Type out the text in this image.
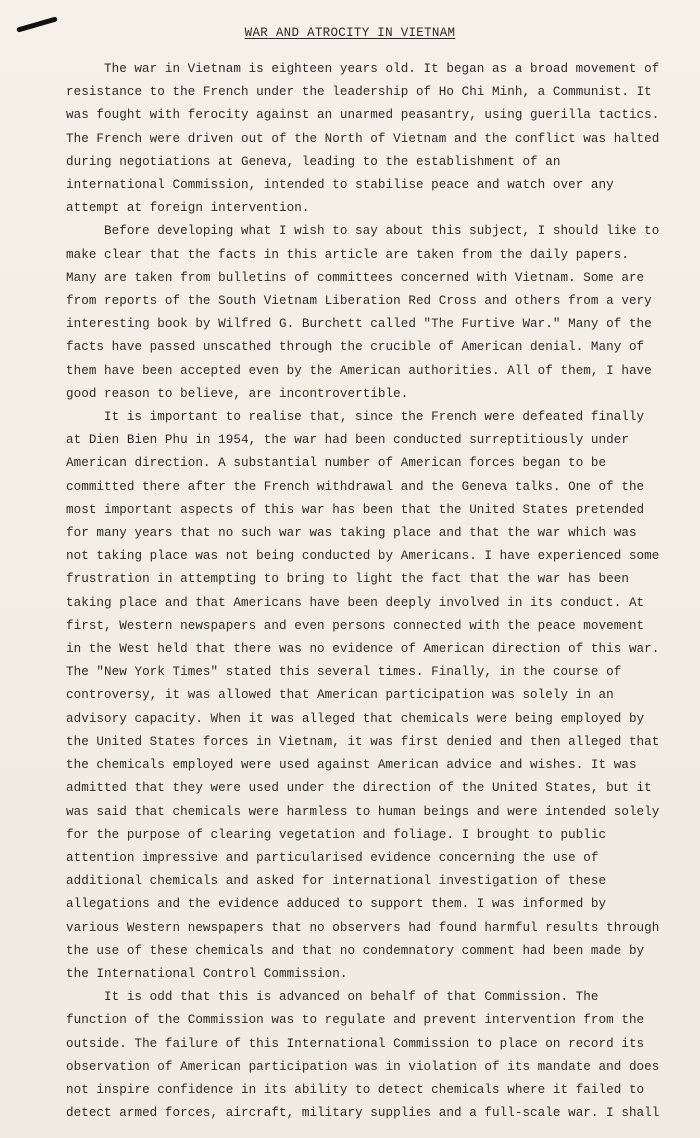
WAR AND ATROCITY IN VIETNAM

The war in Vietnam is eighteen years old. It began as a broad movement of resistance to the French under the leadership of Ho Chi Minh, a Communist. It was fought with ferocity against an unarmed peasantry, using guerilla tactics. The French were driven out of the North of Vietnam and the conflict was halted during negotiations at Geneva, leading to the establishment of an international Commission, intended to stabilise peace and watch over any attempt at foreign intervention.

Before developing what I wish to say about this subject, I should like to make clear that the facts in this article are taken from the daily papers. Many are taken from bulletins of committees concerned with Vietnam. Some are from reports of the South Vietnam Liberation Red Cross and others from a very interesting book by Wilfred G. Burchett called "The Furtive War." Many of the facts have passed unscathed through the crucible of American denial. Many of them have been accepted even by the American authorities. All of them, I have good reason to believe, are incontrovertible.

It is important to realise that, since the French were defeated finally at Dien Bien Phu in 1954, the war had been conducted surreptitiously under American direction. A substantial number of American forces began to be committed there after the French withdrawal and the Geneva talks. One of the most important aspects of this war has been that the United States pretended for many years that no such war was taking place and that the war which was not taking place was not being conducted by Americans. I have experienced some frustration in attempting to bring to light the fact that the war has been taking place and that Americans have been deeply involved in its conduct. At first, Western newspapers and even persons connected with the peace movement in the West held that there was no evidence of American direction of this war. The "New York Times" stated this several times. Finally, in the course of controversy, it was allowed that American participation was solely in an advisory capacity. When it was alleged that chemicals were being employed by the United States forces in Vietnam, it was first denied and then alleged that the chemicals employed were used against American advice and wishes. It was admitted that they were used under the direction of the United States, but it was said that chemicals were harmless to human beings and were intended solely for the purpose of clearing vegetation and foliage. I brought to public attention impressive and particularised evidence concerning the use of additional chemicals and asked for international investigation of these allegations and the evidence adduced to support them. I was informed by various Western newspapers that no observers had found harmful results through the use of these chemicals and that no condemnatory comment had been made by the International Control Commission.

It is odd that this is advanced on behalf of that Commission. The function of the Commission was to regulate and prevent intervention from the outside. The failure of this International Commission to place on record its observation of American participation was in violation of its mandate and does not inspire confidence in its ability to detect chemicals where it failed to detect armed forces, aircraft, military supplies and a full-scale war. I shall
